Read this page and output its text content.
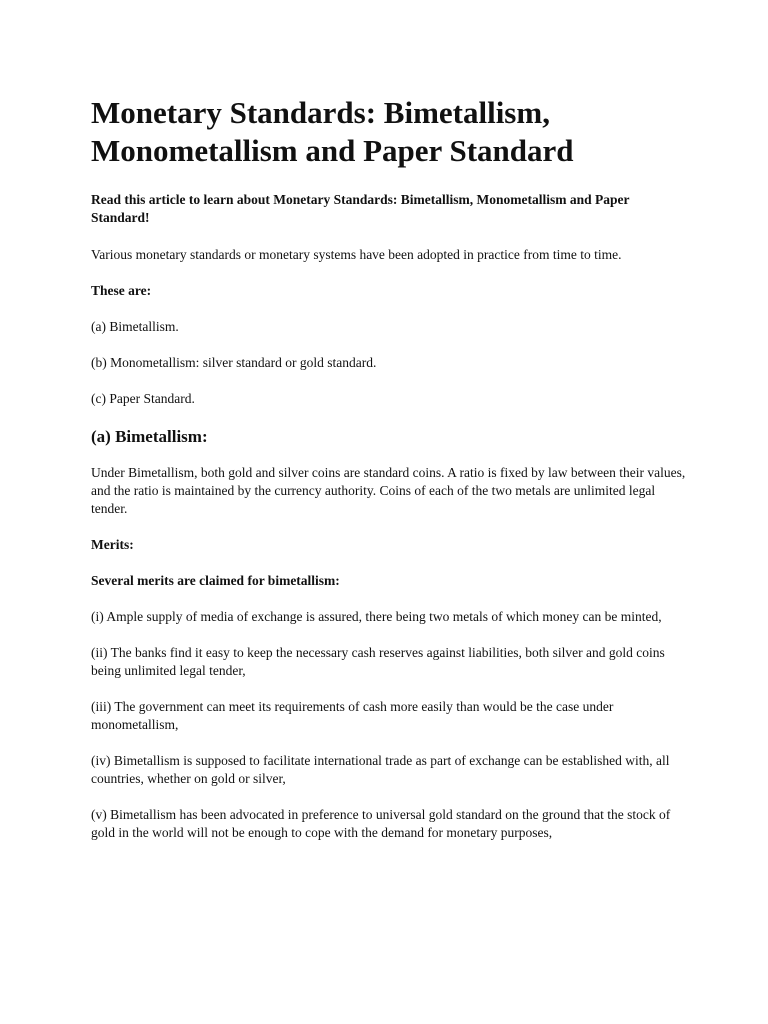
Monetary Standards: Bimetallism, Monometallism and Paper Standard

Read this article to learn about Monetary Standards: Bimetallism, Monometallism and Paper Standard!

Various monetary standards or monetary systems have been adopted in practice from time to time.

These are:

(a) Bimetallism.

(b) Monometallism: silver standard or gold standard.

(c) Paper Standard.

(a) Bimetallism:

Under Bimetallism, both gold and silver coins are standard coins. A ratio is fixed by law between their values, and the ratio is maintained by the currency authority. Coins of each of the two metals are unlimited legal tender.

Merits:

Several merits are claimed for bimetallism:

(i) Ample supply of media of exchange is assured, there being two metals of which money can be minted,

(ii) The banks find it easy to keep the necessary cash reserves against liabilities, both silver and gold coins being unlimited legal tender,

(iii) The government can meet its requirements of cash more easily than would be the case under monometallism,

(iv) Bimetallism is supposed to facilitate international trade as part of exchange can be established with, all countries, whether on gold or silver,

(v) Bimetallism has been advocated in preference to universal gold standard on the ground that the stock of gold in the world will not be enough to cope with the demand for monetary purposes,
